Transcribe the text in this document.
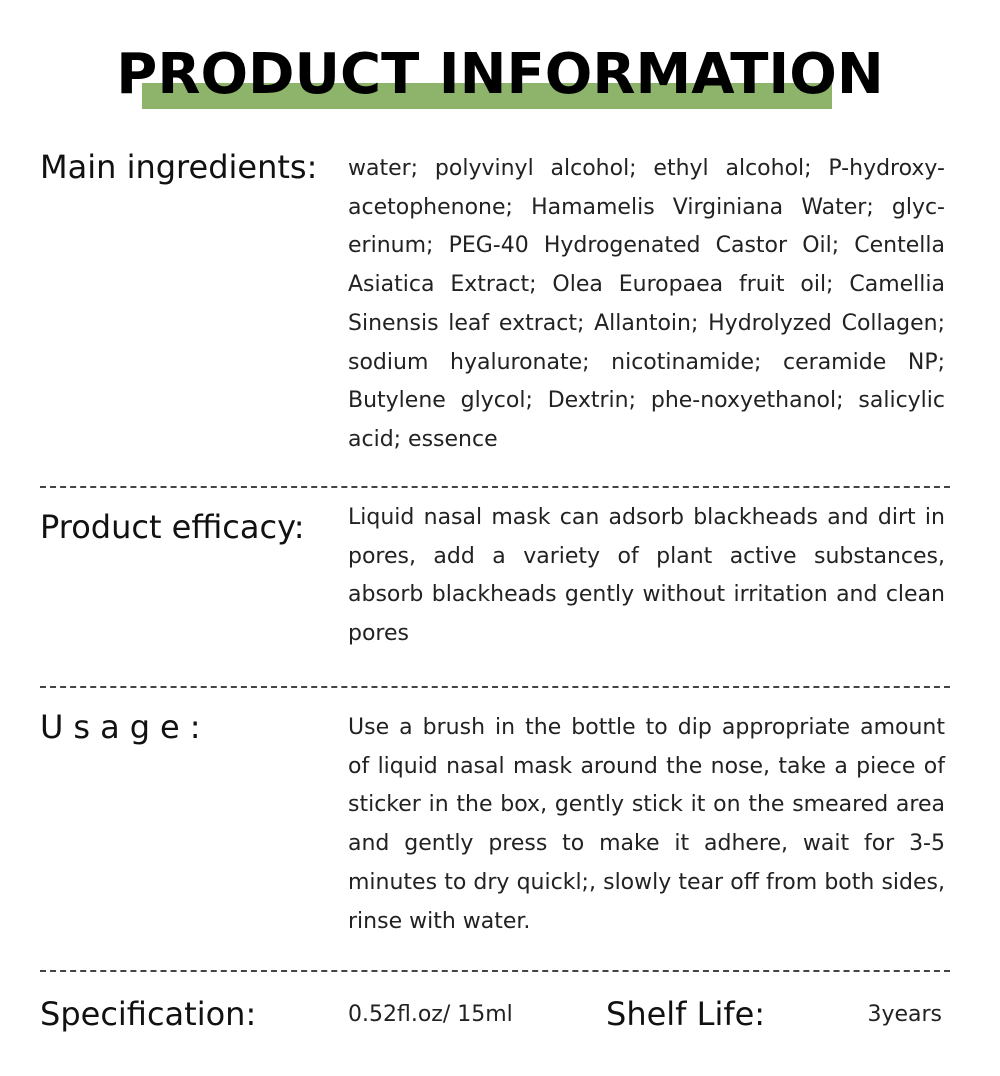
PRODUCT INFORMATION
Main ingredients: water; polyvinyl alcohol; ethyl alcohol; P-hydroxy-acetophenone; Hamamelis Virginiana Water; glyc-erinum; PEG-40 Hydrogenated Castor Oil; Centella Asiatica Extract; Olea Europaea fruit oil; Camellia Sinensis leaf extract; Allantoin; Hydrolyzed Collagen; sodium hyaluronate; nicotinamide; ceramide NP; Butylene glycol; Dextrin; phe-noxyethanol; salicylic acid; essence
Product efficacy: Liquid nasal mask can adsorb blackheads and dirt in pores, add a variety of plant active substances, absorb blackheads gently without irritation and clean pores
Usage:	Use a brush in the bottle to dip appropriate amount of liquid nasal mask around the nose, take a piece of sticker in the box, gently stick it on the smeared area and gently press to make it adhere, wait for 3-5 minutes to dry quickl;, slowly tear off from both sides, rinse with water.
Specification:	0.52fl.oz/ 15ml	Shelf Life:	3years
